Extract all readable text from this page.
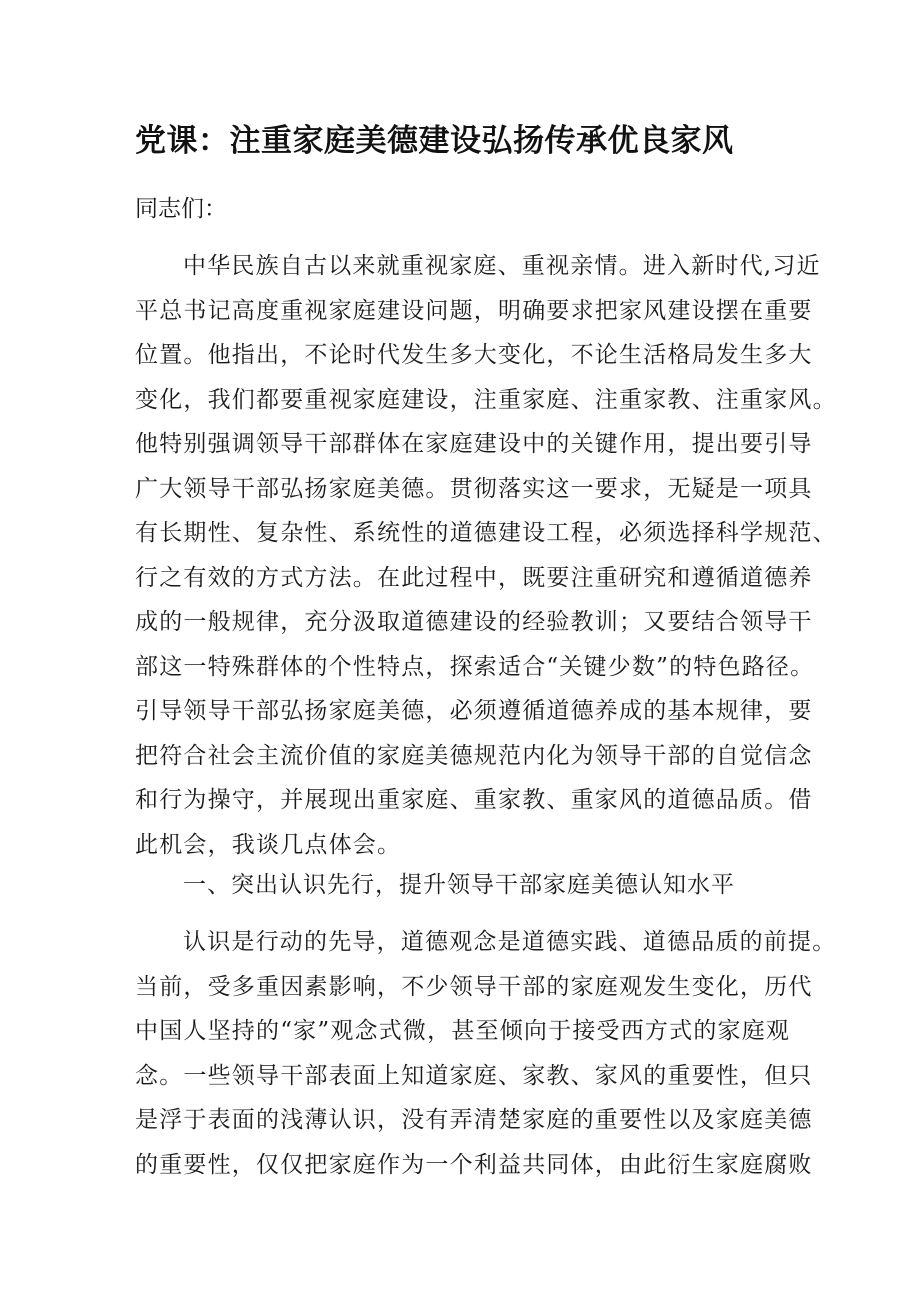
党课：注重家庭美德建设弘扬传承优良家风
同志们：
中华民族自古以来就重视家庭、重视亲情。进入新时代,习近
平总书记高度重视家庭建设问题，明确要求把家风建设摆在重要
位置。他指出，不论时代发生多大变化，不论生活格局发生多大
变化，我们都要重视家庭建设，注重家庭、注重家教、注重家风。
他特别强调领导干部群体在家庭建设中的关键作用，提出要引导
广大领导干部弘扬家庭美德。贯彻落实这一要求，无疑是一项具
有长期性、复杂性、系统性的道德建设工程，必须选择科学规范、
行之有效的方式方法。在此过程中，既要注重研究和遵循道德养
成的一般规律，充分汲取道德建设的经验教训；又要结合领导干
部这一特殊群体的个性特点，探索适合“关键少数”的特色路径。
引导领导干部弘扬家庭美德，必须遵循道德养成的基本规律，要
把符合社会主流价值的家庭美德规范内化为领导干部的自觉信念
和行为操守，并展现出重家庭、重家教、重家风的道德品质。借
此机会，我谈几点体会。
一、突出认识先行，提升领导干部家庭美德认知水平
认识是行动的先导，道德观念是道德实践、道德品质的前提。
当前，受多重因素影响，不少领导干部的家庭观发生变化，历代
中国人坚持的“家”观念式微，甚至倾向于接受西方式的家庭观
念。一些领导干部表面上知道家庭、家教、家风的重要性，但只
是浮于表面的浅薄认识，没有弄清楚家庭的重要性以及家庭美德
的重要性，仅仅把家庭作为一个利益共同体，由此衍生家庭腐败
